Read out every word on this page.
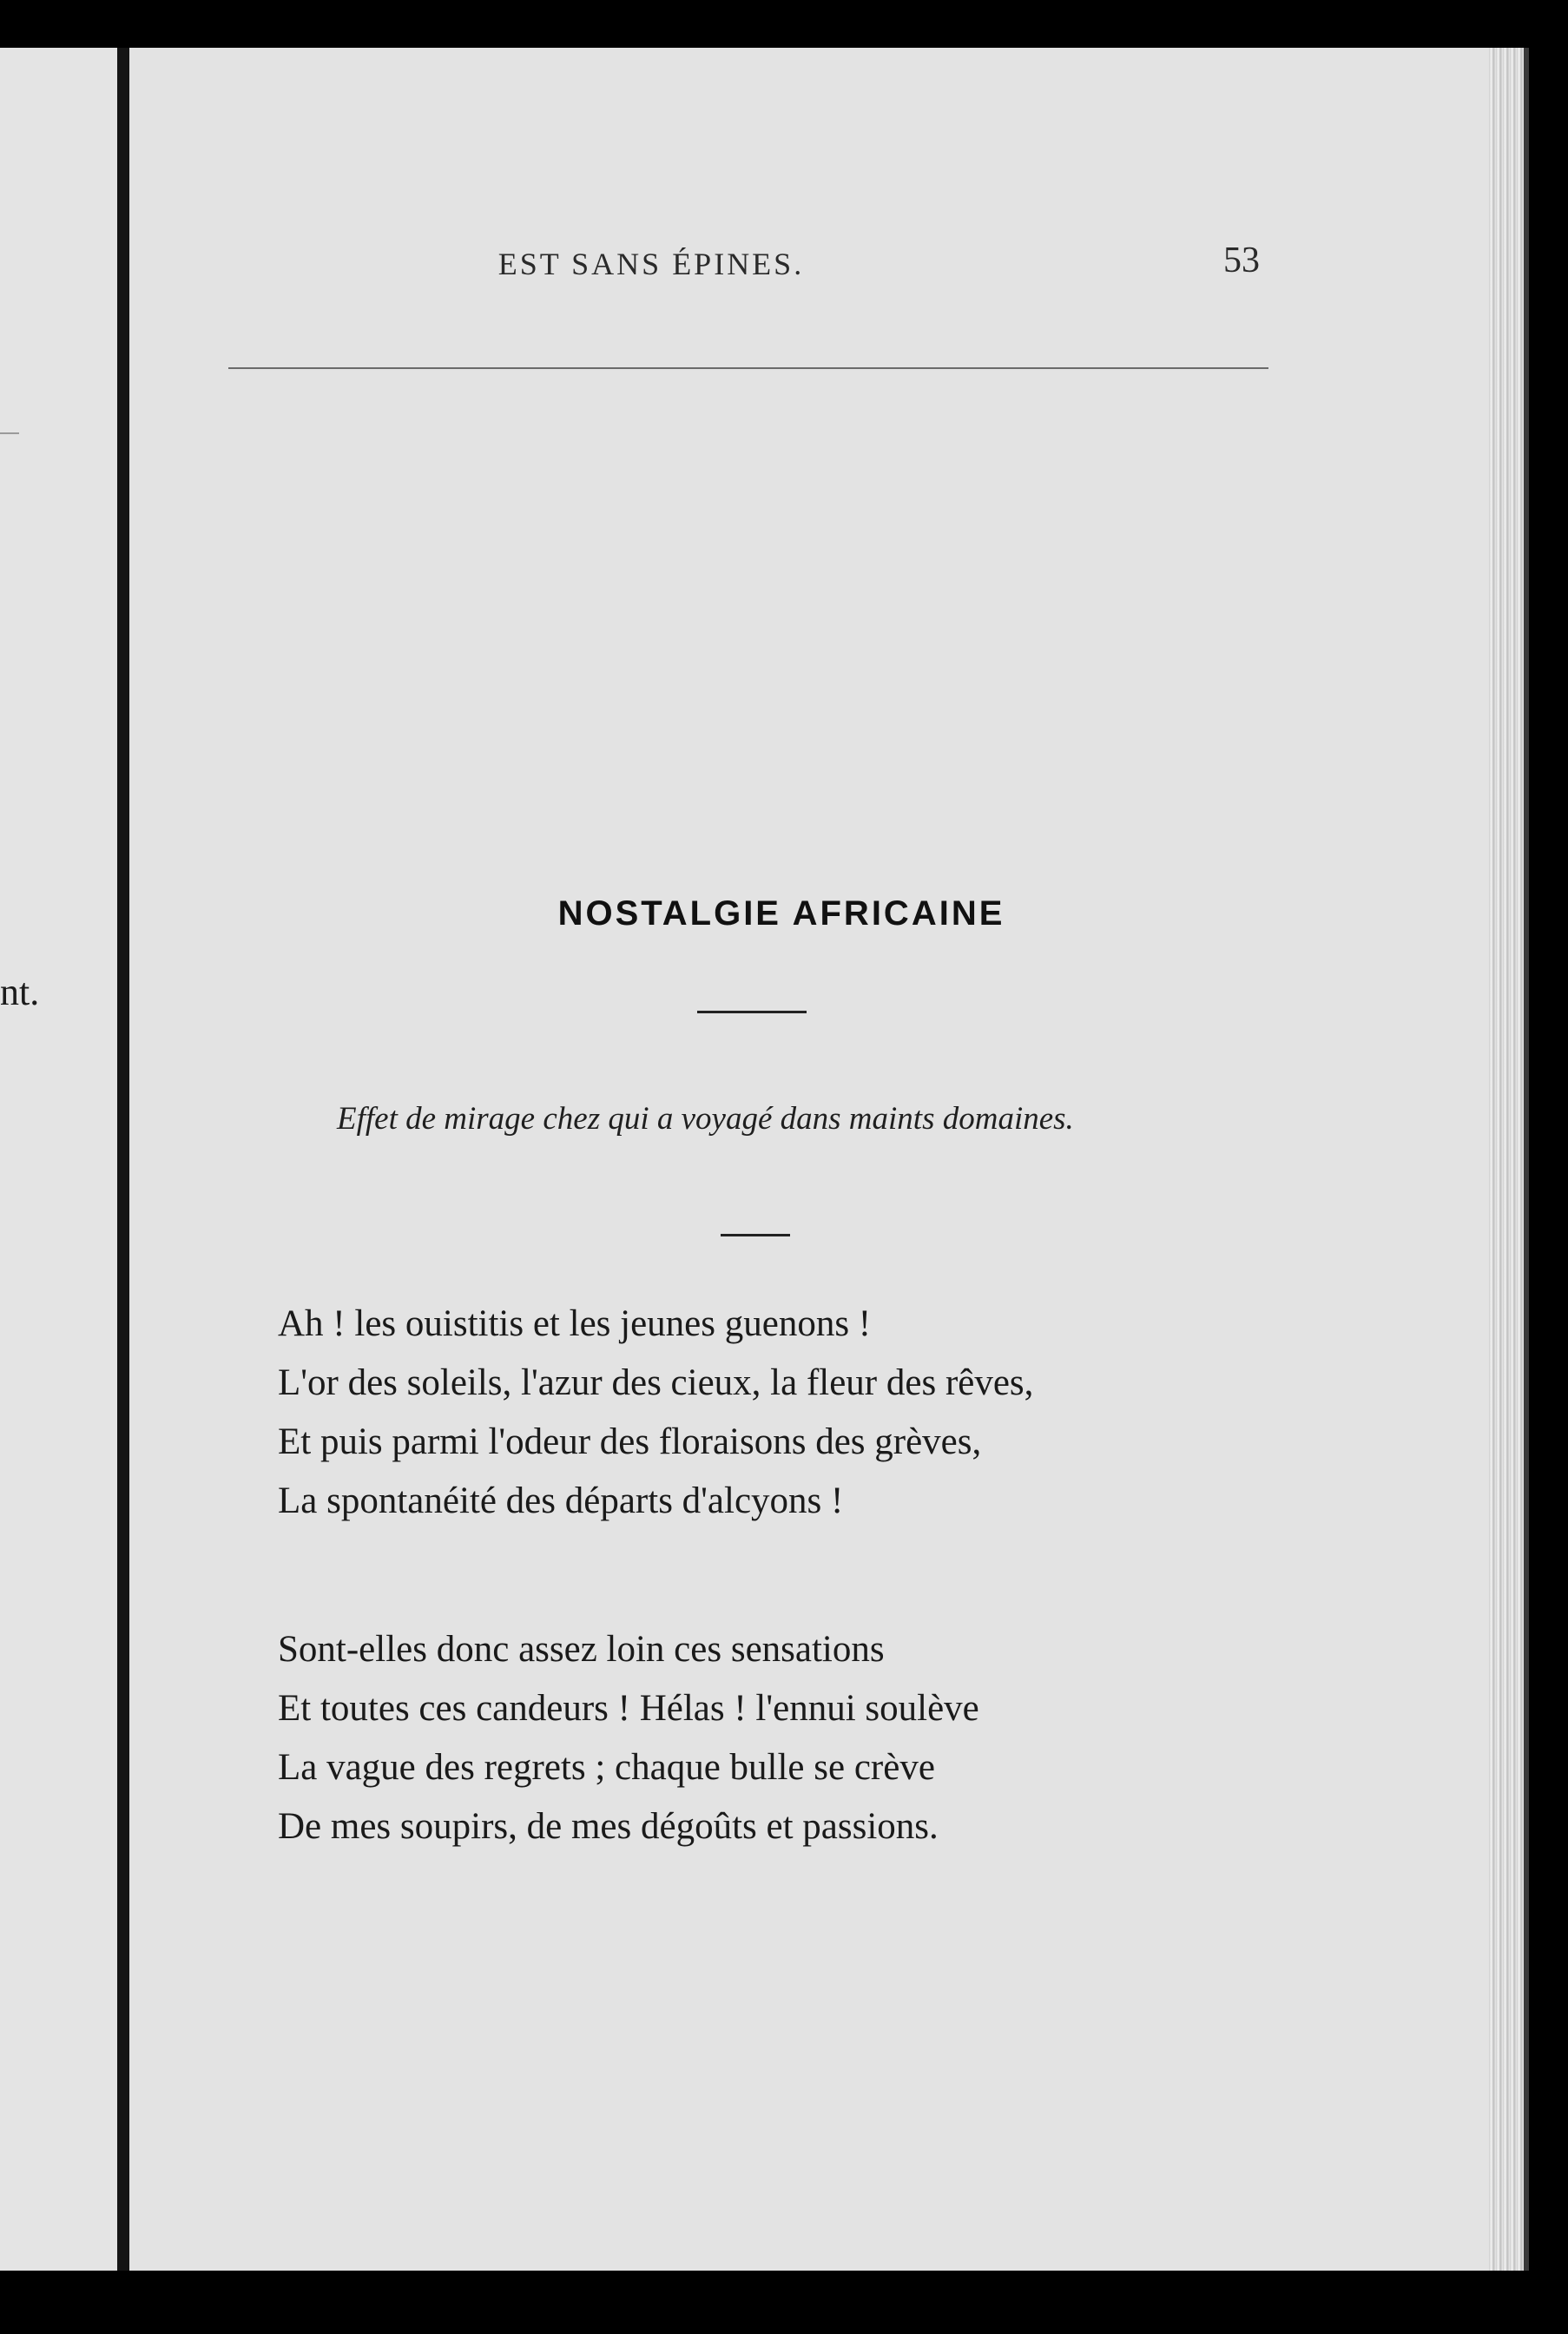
nt.
EST SANS ÉPINES.	53
NOSTALGIE AFRICAINE
Effet de mirage chez qui a voyagé dans maints domaines.
Ah ! les ouistitis et les jeunes guenons !
L'or des soleils, l'azur des cieux, la fleur des rêves,
Et puis parmi l'odeur des floraisons des grèves,
La spontanéité des départs d'alcyons !
Sont-elles donc assez loin ces sensations
Et toutes ces candeurs ! Hélas ! l'ennui soulève
La vague des regrets ; chaque bulle se crève
De mes soupirs, de mes dégoûts et passions.
